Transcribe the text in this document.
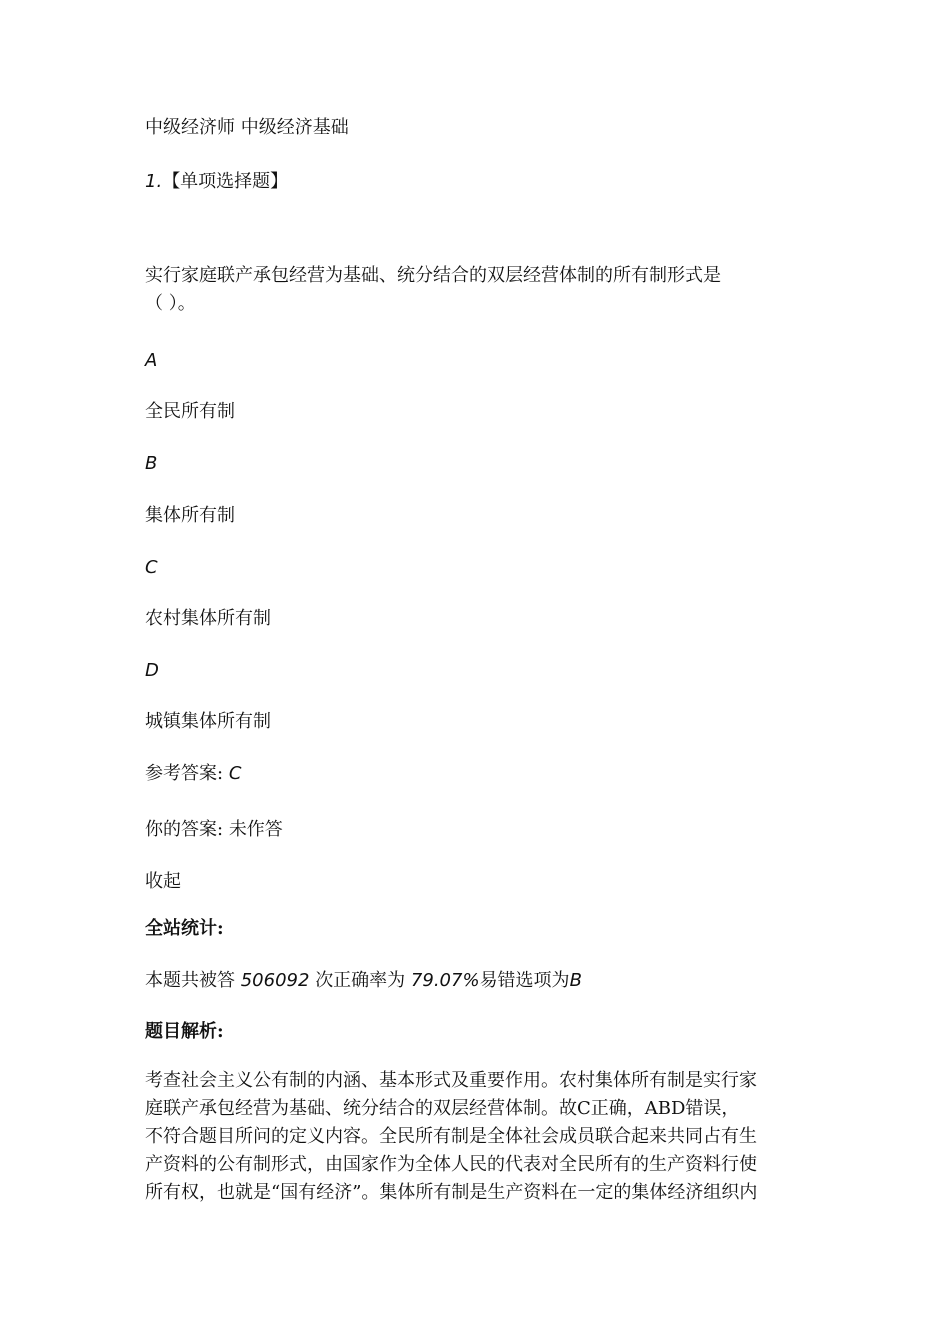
中级经济师 中级经济基础
1.【单项选择题】
实行家庭联产承包经营为基础、统分结合的双层经营体制的所有制形式是
（ ）。
A
全民所有制
B
集体所有制
C
农村集体所有制
D
城镇集体所有制
参考答案: C
你的答案: 未作答
收起
全站统计:
本题共被答 506092 次正确率为 79.07%易错选项为B
题目解析:
考查社会主义公有制的内涵、基本形式及重要作用。农村集体所有制是实行家
庭联产承包经营为基础、统分结合的双层经营体制。故C正确，ABD错误，
不符合题目所问的定义内容。全民所有制是全体社会成员联合起来共同占有生
产资料的公有制形式，由国家作为全体人民的代表对全民所有的生产资料行使
所有权，也就是“国有经济”。集体所有制是生产资料在一定的集体经济组织内
